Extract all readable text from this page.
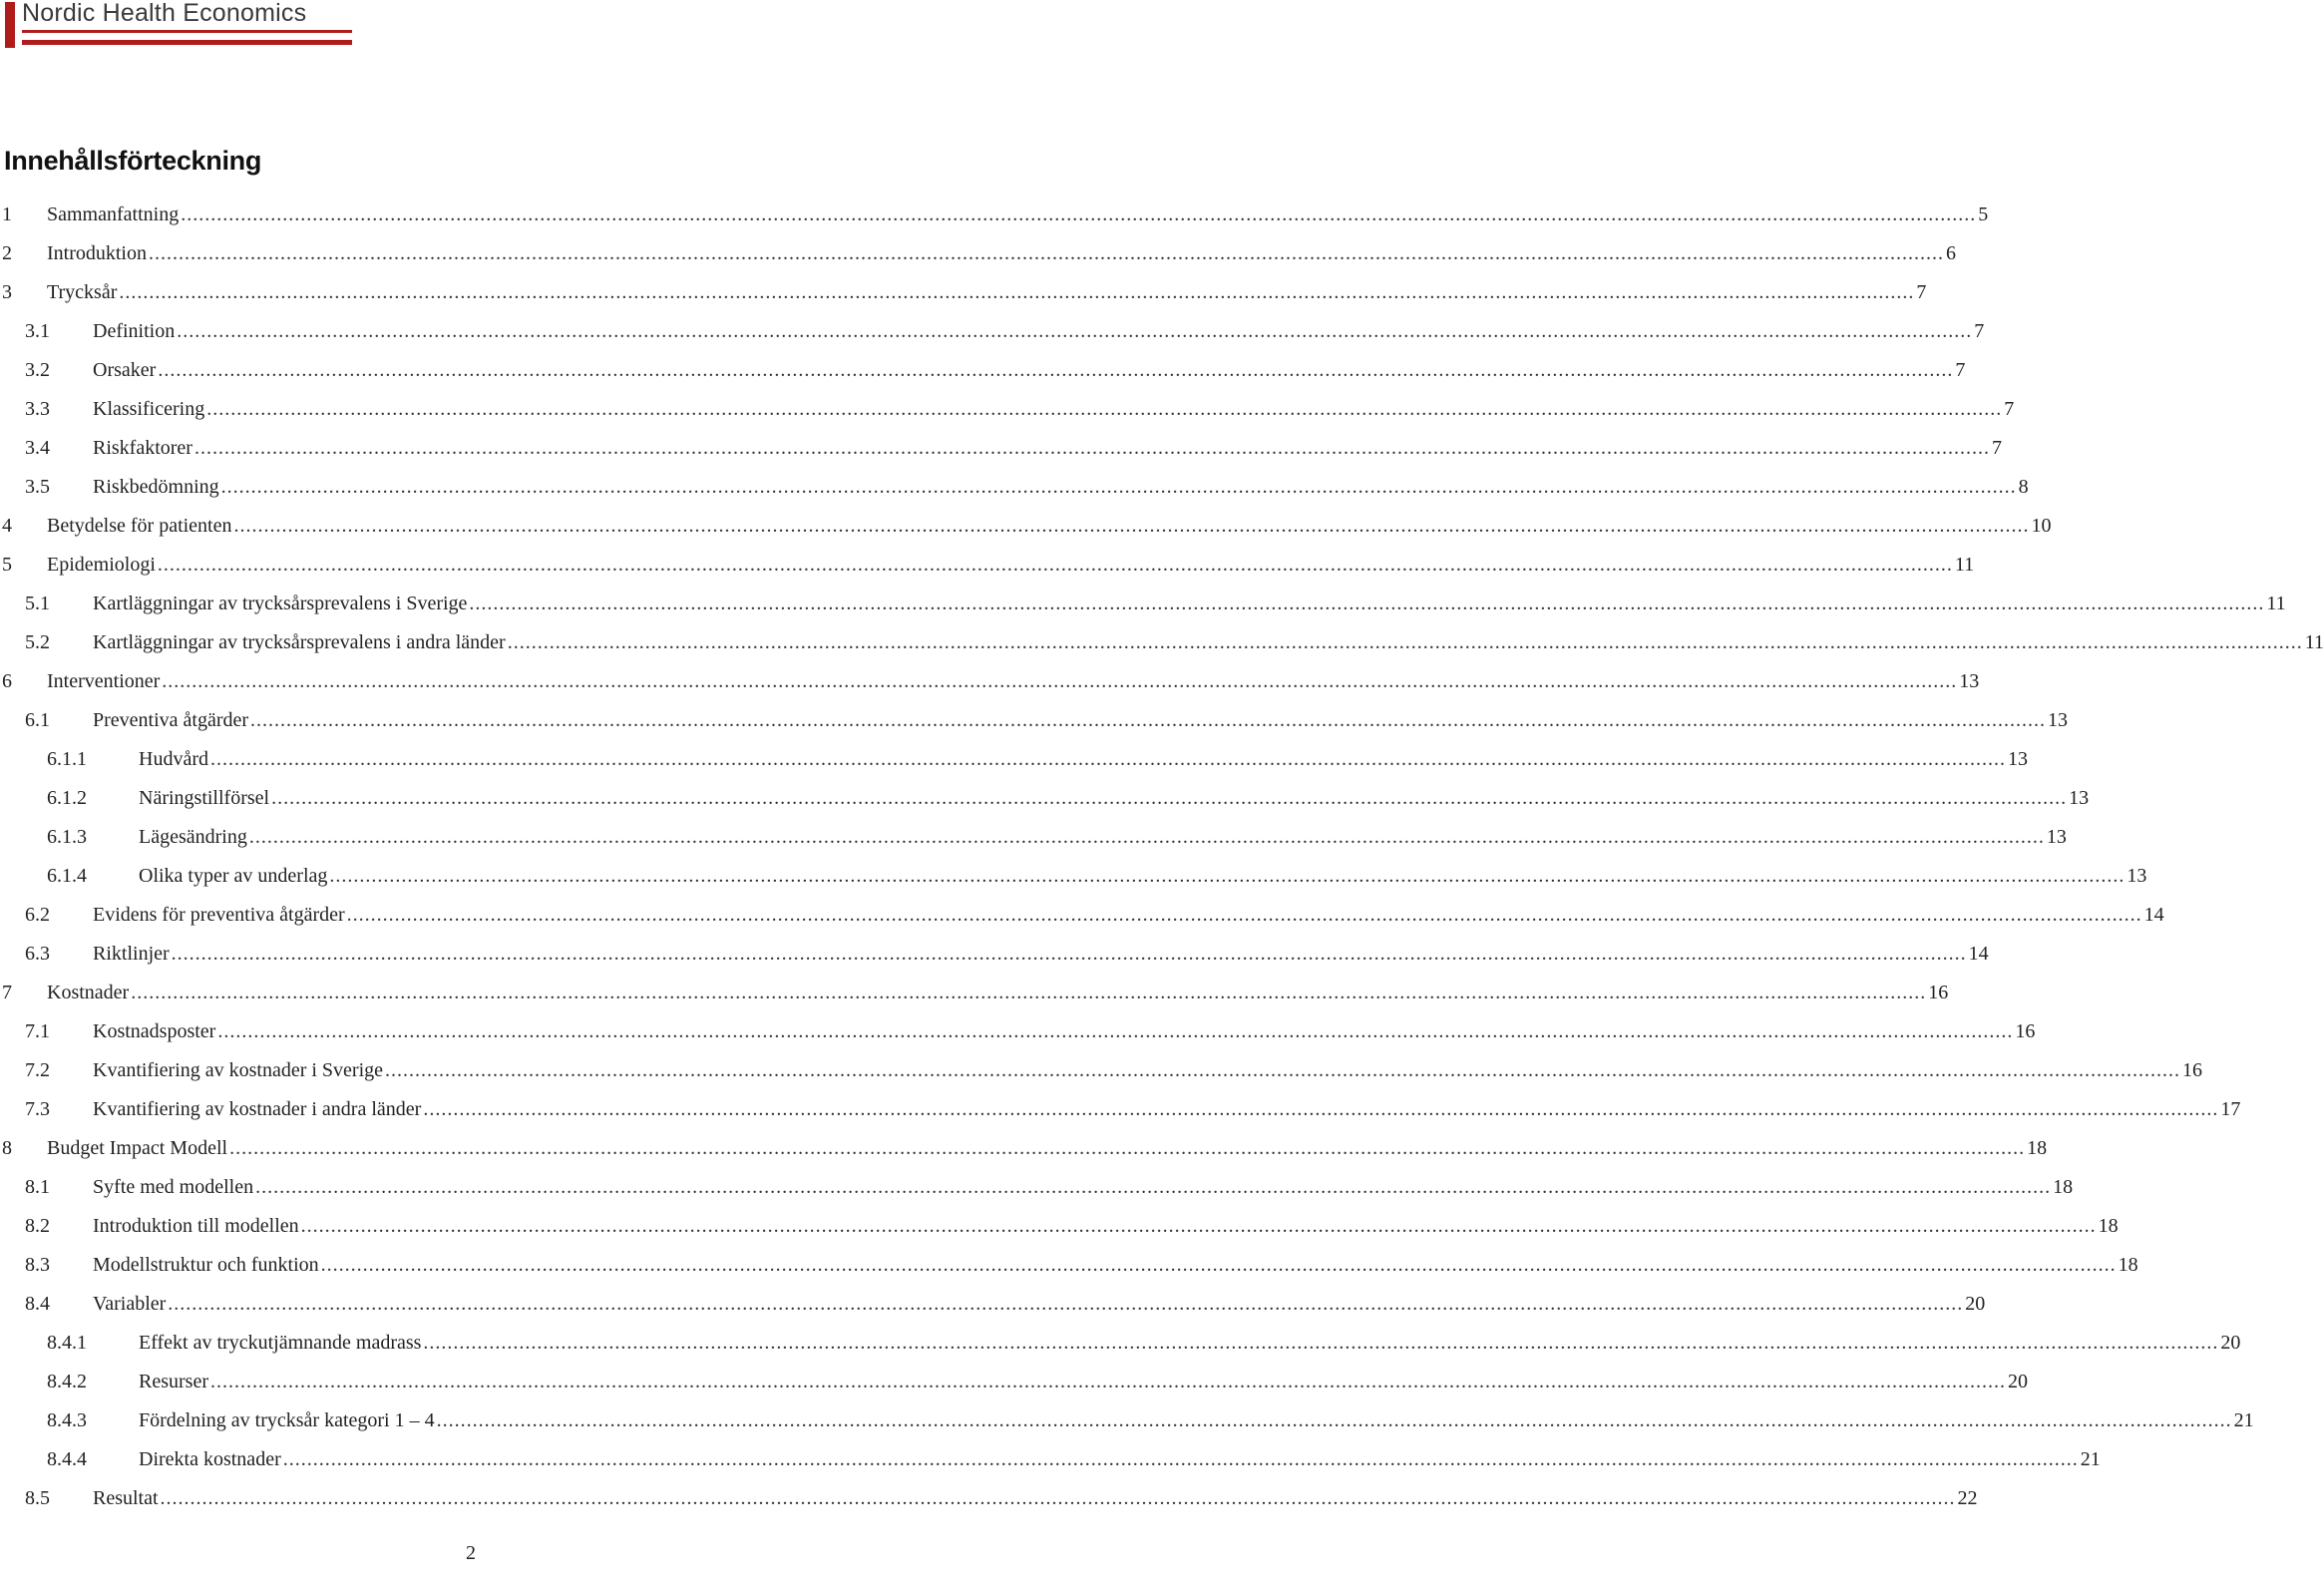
Nordic Health Economics
Innehållsförteckning
1 Sammanfattning ............................................................................................................................................................................................................................................................................................................ 5
2 Introduktion ............................................................................................................................................................................................................................................................................................................ 6
3 Trycksår ............................................................................................................................................................................................................................................................................................................ 7
3.1 Definition ............................................................................................................................................................................................................................................................................................................ 7
3.2 Orsaker ............................................................................................................................................................................................................................................................................................................ 7
3.3 Klassificering ............................................................................................................................................................................................................................................................................................................ 7
3.4 Riskfaktorer ............................................................................................................................................................................................................................................................................................................ 7
3.5 Riskbedömning ............................................................................................................................................................................................................................................................................................................ 8
4 Betydelse för patienten ............................................................................................................................................................................................................................................................................................................ 10
5 Epidemiologi ............................................................................................................................................................................................................................................................................................................ 11
5.1 Kartläggningar av trycksårsprevalens i Sverige ............................................................................................................................................................................................................................................................................................................ 11
5.2 Kartläggningar av trycksårsprevalens i andra länder ............................................................................................................................................................................................................................................................................................................ 11
6 Interventioner ............................................................................................................................................................................................................................................................................................................ 13
6.1 Preventiva åtgärder ............................................................................................................................................................................................................................................................................................................ 13
6.1.1	Hudvård ............................................................................................................................................................................................................................................................................................................ 13
6.1.2	Näringstillförsel ............................................................................................................................................................................................................................................................................................................ 13
6.1.3	Lägesändring ............................................................................................................................................................................................................................................................................................................ 13
6.1.4	Olika typer av underlag ............................................................................................................................................................................................................................................................................................................ 13
6.2 Evidens för preventiva åtgärder ............................................................................................................................................................................................................................................................................................................ 14
6.3 Riktlinjer ............................................................................................................................................................................................................................................................................................................ 14
7 Kostnader ............................................................................................................................................................................................................................................................................................................ 16
7.1 Kostnadsposter ............................................................................................................................................................................................................................................................................................................ 16
7.2 Kvantifiering av kostnader i Sverige ............................................................................................................................................................................................................................................................................................................ 16
7.3 Kvantifiering av kostnader i andra länder ............................................................................................................................................................................................................................................................................................................ 17
8 Budget Impact Modell ............................................................................................................................................................................................................................................................................................................ 18
8.1 Syfte med modellen ............................................................................................................................................................................................................................................................................................................ 18
8.2 Introduktion till modellen ............................................................................................................................................................................................................................................................................................................ 18
8.3 Modellstruktur och funktion ............................................................................................................................................................................................................................................................................................................ 18
8.4 Variabler ............................................................................................................................................................................................................................................................................................................ 20
8.4.1	Effekt av tryckutjämnande madrass ............................................................................................................................................................................................................................................................................................................ 20
8.4.2	Resurser ............................................................................................................................................................................................................................................................................................................ 20
8.4.3	Fördelning av trycksår kategori 1 – 4 ............................................................................................................................................................................................................................................................................................................ 21
8.4.4	Direkta kostnader ............................................................................................................................................................................................................................................................................................................ 21
8.5 Resultat ............................................................................................................................................................................................................................................................................................................ 22
2
